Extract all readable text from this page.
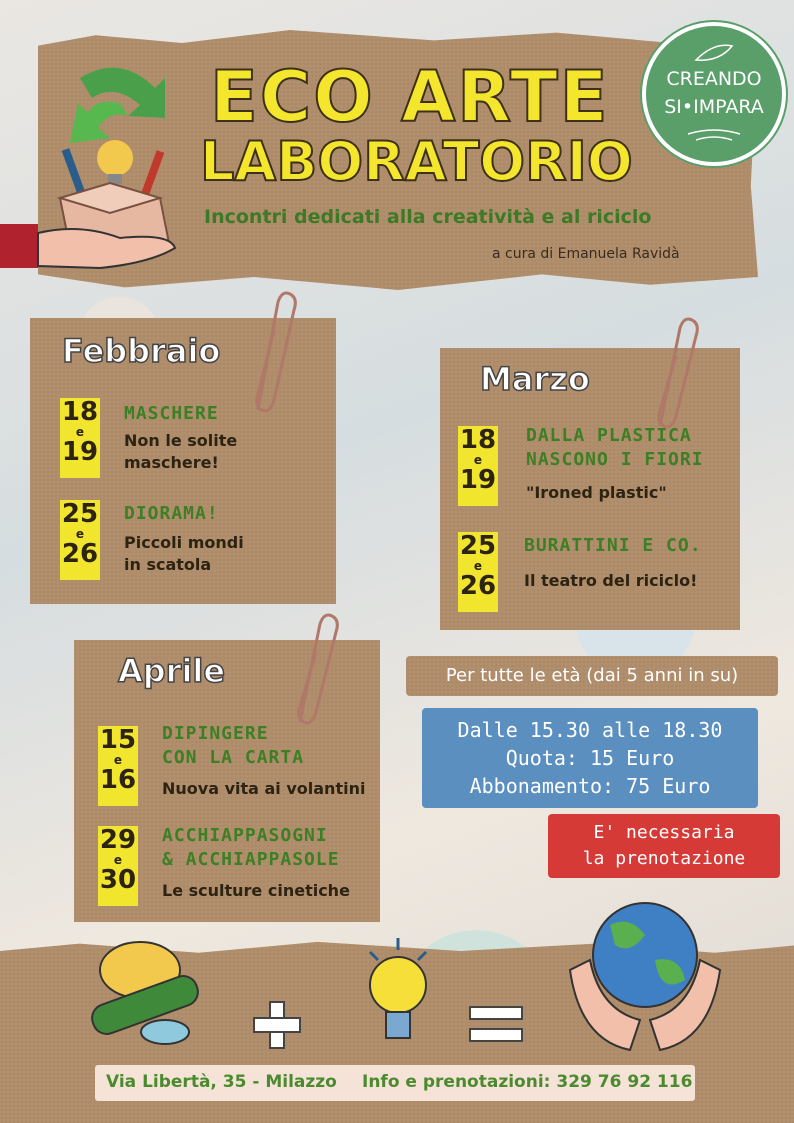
ECO ARTE
LABORATORIO
Incontri dedicati alla creatività e al riciclo
a cura di Emanuela Ravidà
CREANDO
SI•IMPARA
Febbraio
18
e
19
MASCHERE
Non le solite
maschere!
25
e
26
DIORAMA!
Piccoli mondi
in scatola
Marzo
18
e
19
DALLA PLASTICA
NASCONO I FIORI
"Ironed plastic"
25
e
26
BURATTINI E CO.
Il teatro del riciclo!
Aprile
15
e
16
DIPINGERE
CON LA CARTA
Nuova vita ai volantini
29
e
30
ACCHIAPPASOGNI
& ACCHIAPPASOLE
Le sculture cinetiche
Per tutte le età (dai 5 anni in su)
Dalle 15.30 alle 18.30
Quota: 15 Euro
Abbonamento: 75 Euro
E' necessaria
la prenotazione
Via Libertà, 35 - Milazzo Info e prenotazioni: 329 76 92 116
